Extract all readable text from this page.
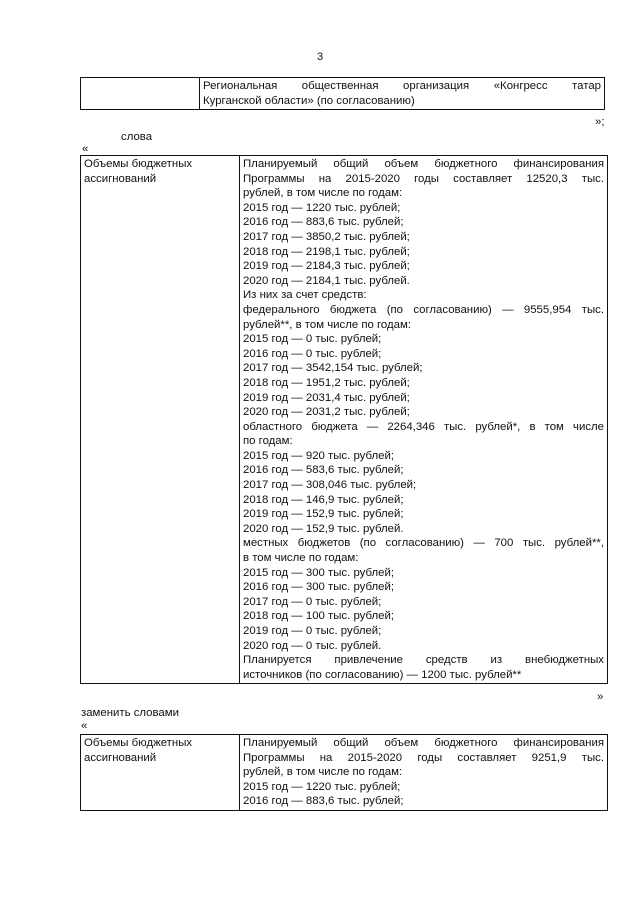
3

Региональная общественная организация «Конгресс татар
Курганской области» (по согласованию)
»;
слова
«
Объемы бюджетных
ассигнований

Планируемый общий объем бюджетного финансирования
Программы на 2015-2020 годы составляет 12520,3 тыс.
рублей, в том числе по годам:
2015 год — 1220 тыс. рублей;
2016 год — 883,6 тыс. рублей;
2017 год — 3850,2 тыс. рублей;
2018 год — 2198,1 тыс. рублей;
2019 год — 2184,3 тыс. рублей;
2020 год — 2184,1 тыс. рублей.
Из них за счет средств:
федерального бюджета (по согласованию) — 9555,954 тыс.
рублей**, в том числе по годам:
2015 год — 0 тыс. рублей;
2016 год — 0 тыс. рублей;
2017 год — 3542,154 тыс. рублей;
2018 год — 1951,2 тыс. рублей;
2019 год — 2031,4 тыс. рублей;
2020 год — 2031,2 тыс. рублей;
областного бюджета — 2264,346 тыс. рублей*, в том числе
по годам:
2015 год — 920 тыс. рублей;
2016 год — 583,6 тыс. рублей;
2017 год — 308,046 тыс. рублей;
2018 год — 146,9 тыс. рублей;
2019 год — 152,9 тыс. рублей;
2020 год — 152,9 тыс. рублей.
местных бюджетов (по согласованию) — 700 тыс. рублей**,
в том числе по годам:
2015 год — 300 тыс. рублей;
2016 год — 300 тыс. рублей;
2017 год — 0 тыс. рублей;
2018 год — 100 тыс. рублей;
2019 год — 0 тыс. рублей;
2020 год — 0 тыс. рублей.
Планируется привлечение средств из внебюджетных
источников (по согласованию) — 1200 тыс. рублей**
»
заменить словами
«
Объемы бюджетных
ассигнований

Планируемый общий объем бюджетного финансирования
Программы на 2015-2020 годы составляет 9251,9 тыс.
рублей, в том числе по годам:
2015 год — 1220 тыс. рублей;
2016 год — 883,6 тыс. рублей;
